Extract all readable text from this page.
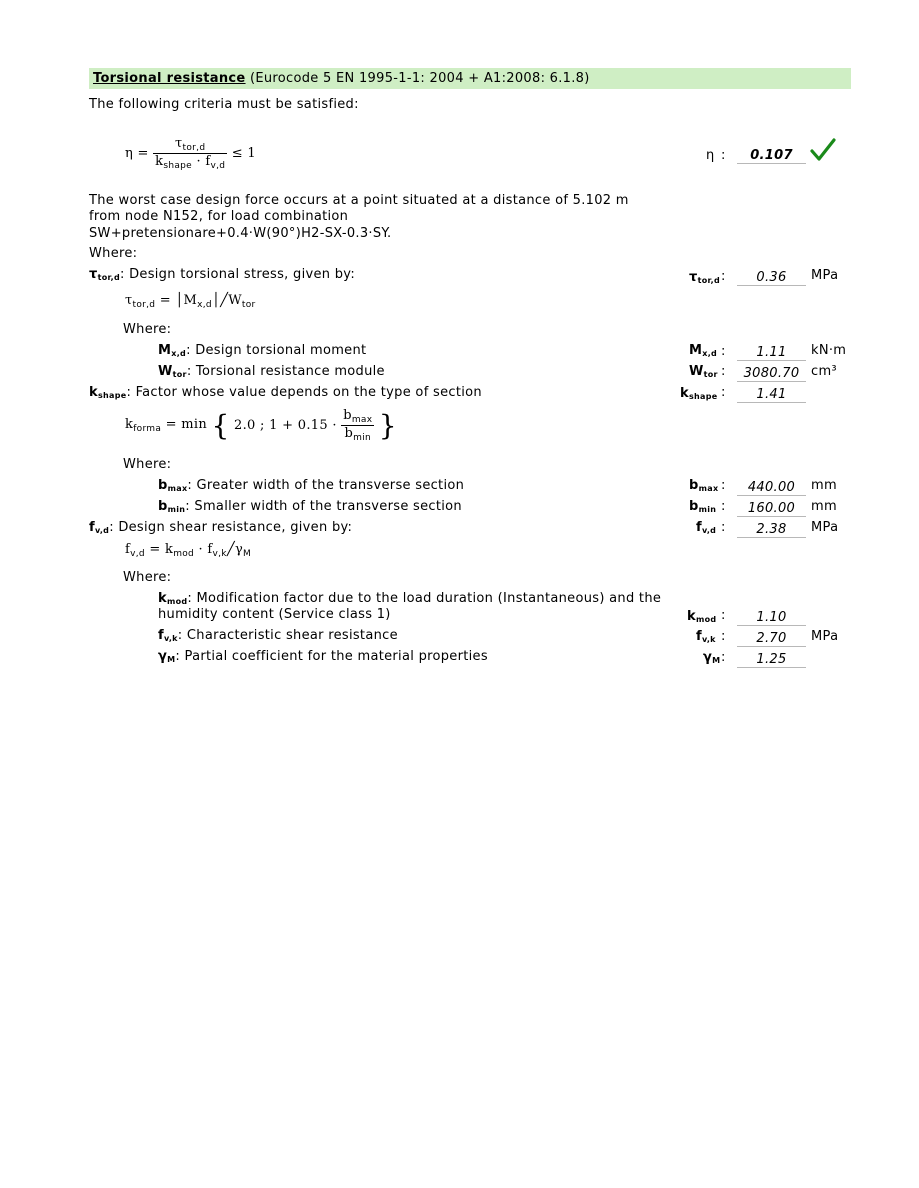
Torsional resistance (Eurocode 5 EN 1995-1-1: 2004 + A1:2008: 6.1.8)
The following criteria must be satisfied:
$\eta = \frac{\tau_{tor,d}}{k_{shape} \cdot f_{v,d}} \le 1$	η :	0.107
The worst case design force occurs at a point situated at a distance of 5.102 m
from node N152, for load combination
SW+pretensionare+0.4·W(90°)H2-SX-0.3·SY.
Where:
$\tau_{tor,d}$: Design torsional stress, given by:	$\tau_{tor,d}$ :	0.36	MPa
$\tau_{tor,d}$ = $│M_{x,d}│╱W_{tor}$
Where:
$M_{x,d}$: Design torsional moment	$M_{x,d}$ :	1.11	kN·m
$W_{tor}$: Torsional resistance module	$W_{tor}$ :	3080.70 cm³
$k_{shape}$: Factor whose value depends on the type of section	$k_{shape}$ :	1.41
$k_{forma} = \min$ { 2.0 ; $1 + 0.15 \cdot \frac{b_{max}}{b_{min}}$ }
Where:
$b_{max}$: Greater width of the transverse section	$b_{max}$ :	440.00	mm
$b_{min}$: Smaller width of the transverse section	$b_{min}$ :	160.00	mm
$f_{v,d}$: Design shear resistance, given by:	$f_{v,d}$ :	2.38	MPa
$f_{v,d} = k_{mod}$ · $f_{v,k}╱\gamma_M$
Where:
$k_{mod}$: Modification factor due to the load duration (Instantaneous) and the
humidity content (Service class 1)	$k_{mod}$ :	1.10
$f_{v,k}$: Characteristic shear resistance	$f_{v,k}$ :	2.70	MPa
$\gamma_M$: Partial coefficient for the material properties	$\gamma_M$ :	1.25
